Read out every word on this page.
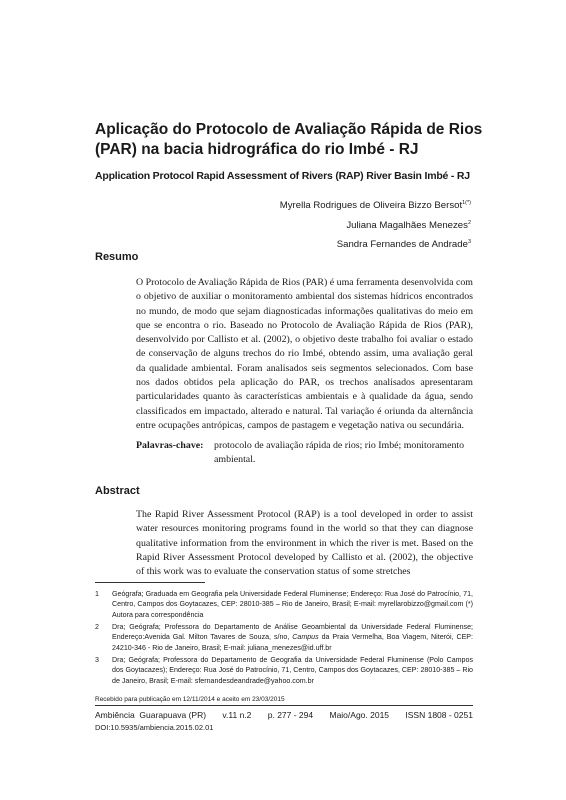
Aplicação do Protocolo de Avaliação Rápida de Rios (PAR) na bacia hidrográfica do rio Imbé - RJ
Application Protocol Rapid Assessment of Rivers (RAP) River Basin Imbé - RJ
Myrella Rodrigues de Oliveira Bizzo Bersot$^{1(*)}$
Juliana Magalhães Menezes$^2$
Sandra Fernandes de Andrade$^3$
Resumo
O Protocolo de Avaliação Rápida de Rios (PAR) é uma ferramenta desenvolvida com o objetivo de auxiliar o monitoramento ambiental dos sistemas hídricos encontrados no mundo, de modo que sejam diagnosticadas informações qualitativas do meio em que se encontra o rio. Baseado no Protocolo de Avaliação Rápida de Rios (PAR), desenvolvido por Callisto et al. (2002), o objetivo deste trabalho foi avaliar o estado de conservação de alguns trechos do rio Imbé, obtendo assim, uma avaliação geral da qualidade ambiental. Foram analisados seis segmentos selecionados. Com base nos dados obtidos pela aplicação do PAR, os trechos analisados apresentaram particularidades quanto às características ambientais e à qualidade da água, sendo classificados em impactado, alterado e natural. Tal variação é oriunda da alternância entre ocupações antrópicas, campos de pastagem e vegetação nativa ou secundária.
Palavras-chave:	protocolo de avaliação rápida de rios; rio Imbé; monitoramento ambiental.
Abstract
The Rapid River Assessment Protocol (RAP) is a tool developed in order to assist water resources monitoring programs found in the world so that they can diagnose qualitative information from the environment in which the river is met. Based on the Rapid River Assessment Protocol developed by Callisto et al. (2002), the objective of this work was to evaluate the conservation status of some stretches
1	Geógrafa; Graduada em Geografia pela Universidade Federal Fluminense; Endereço: Rua José do Patrocínio, 71, Centro, Campos dos Goytacazes, CEP: 28010-385 – Rio de Janeiro, Brasil; E-mail: myrellarobizzo@gmail.com (*) Autora para correspondência
2	Dra; Geógrafa; Professora do Departamento de Análise Geoambiental da Universidade Federal Fluminense; Endereço:Avenida Gal. Milton Tavares de Souza, s/no, Campus da Praia Vermelha, Boa Viagem, Niterói, CEP: 24210-346 - Rio de Janeiro, Brasil; E-mail: juliana_menezes@id.uff.br
3	Dra; Geógrafa; Professora do Departamento de Geografia da Universidade Federal Fluminense (Polo Campos dos Goytacazes); Endereço: Rua José do Patrocínio, 71, Centro, Campos dos Goytacazes, CEP: 28010-385 – Rio de Janeiro, Brasil; E-mail: sfernandesdeandrade@yahoo.com.br
Recebido para publicação em 12/11/2014 e aceito em 23/03/2015
Ambiência Guarapuava (PR) v.11 n.2 p. 277 - 294 Maio/Ago. 2015 ISSN 1808 - 0251
DOI:10.5935/ambiencia.2015.02.01
